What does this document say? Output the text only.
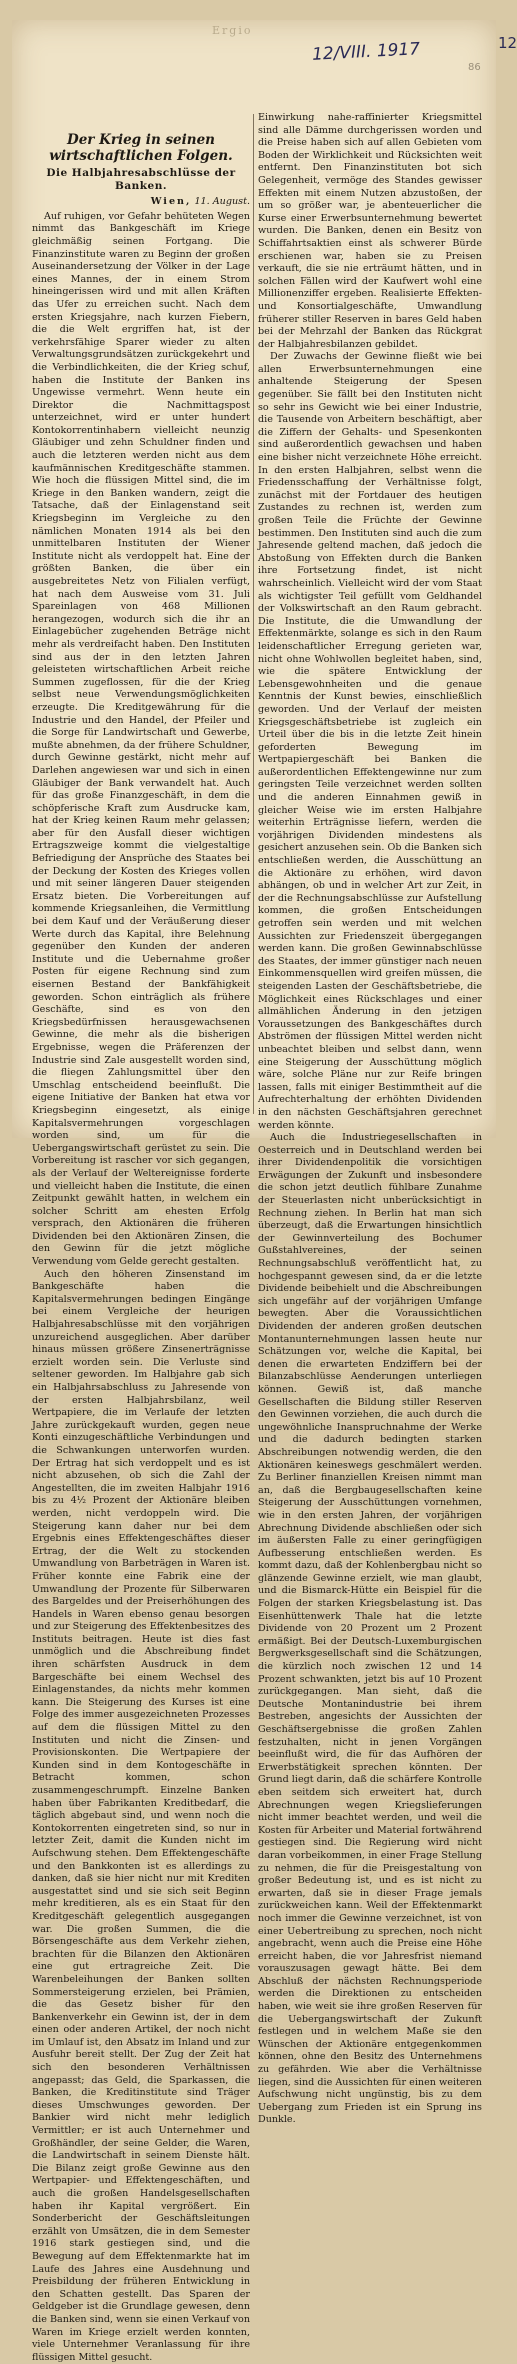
Ergio
12/VIII. 1917	12
86
Der Krieg in seinen wirtschaftlichen Folgen.
Die Halbjahresabschlüsse der Banken.
Wien, 11. August.

Auf ruhigen, vor Gefahr behüteten Wegen nimmt das Bankgeschäft im Kriege gleichmäßig seinen Fortgang. Die Finanzinstitute waren zu Beginn der großen Auseinandersetzung der Völker in der Lage eines Mannes, der in einem Strom hineingerissen wird und mit allen Kräften das Ufer zu erreichen sucht. Nach dem ersten Kriegsjahre, nach kurzen Fiebern, die die Welt ergriffen hat, ist der verkehrsfähige Sparer wieder zu alten Verwaltungsgrundsätzen zurückgekehrt und die Verbindlichkeiten, die der Krieg schuf, haben die Institute der Banken ins Ungewisse vermehrt. Wenn heute ein Direktor die Nachmittagspost unterzeichnet, wird er unter hundert Kontokorrentinhabern vielleicht neunzig Gläubiger und zehn Schuldner finden und auch die letzteren werden nicht aus dem kaufmännischen Kreditgeschäfte stammen. Wie hoch die flüssigen Mittel sind, die im Kriege in den Banken wandern, zeigt die Tatsache, daß der Einlagenstand seit Kriegsbeginn im Vergleiche zu den nämlichen Monaten 1914 als bei den unmittelbaren Instituten der Wiener Institute nicht als verdoppelt hat. Eine der größten Banken, die über ein ausgebreitetes Netz von Filialen verfügt, hat nach dem Ausweise vom 31. Juli Spareinlagen von 468 Millionen herangezogen, wodurch sich die ihr an Einlagebücher zugehenden Beträge nicht mehr als verdreifacht haben. Den Instituten sind aus der in den letzten Jahren geleisteten wirtschaftlichen Arbeit reiche Summen zugeflossen, für die der Krieg selbst neue Verwendungsmöglichkeiten erzeugte. Die Kreditgewährung für die Industrie und den Handel, der Pfeiler und die Sorge für Landwirtschaft und Gewerbe, mußte abnehmen, da der frühere Schuldner, durch Gewinne gestärkt, nicht mehr auf Darlehen angewiesen war und sich in einen Gläubiger der Bank verwandelt hat. Auch für das große Finanzgeschäft, in dem die schöpferische Kraft zum Ausdrucke kam, hat der Krieg keinen Raum mehr gelassen; aber für den Ausfall dieser wichtigen Ertragszweige kommt die vielgestaltige Befriedigung der Ansprüche des Staates bei der Deckung der Kosten des Krieges vollen und mit seiner längeren Dauer steigenden Ersatz bieten. Die Vorbereitungen auf kommende Kriegsanleihen, die Vermittlung bei dem Kauf und der Veräußerung dieser Werte durch das Kapital, ihre Belehnung gegenüber den Kunden der anderen Institute und die Uebernahme großer Posten für eigene Rechnung sind zum eisernen Bestand der Bankfähigkeit geworden. Schon einträglich als frühere Geschäfte, sind es von den Kriegsbedürfnissen herausgewachsenen Gewinne, die mehr als die bisherigen Ergebnisse, wegen die Präferenzen der Industrie sind Zale ausgestellt worden sind, die fliegen Zahlungsmittel über den Umschlag entscheidend beeinflußt. Die eigene Initiative der Banken hat etwa vor Kriegsbeginn eingesetzt, als einige Kapitalsvermehrungen vorgeschlagen worden sind, um für die Uebergangswirtschaft gerüstet zu sein. Die Vorbereitung ist rascher vor sich gegangen, als der Verlauf der Weltereignisse forderte und vielleicht haben die Institute, die einen Zeitpunkt gewählt hatten, in welchem ein solcher Schritt am ehesten Erfolg versprach, den Aktionären die früheren Dividenden bei den Aktionären Zinsen, die den Gewinn für die jetzt mögliche Verwendung vom Gelde gerecht gestalten.

Auch den höheren Zinsenstand im Bankgeschäfte haben die Kapitalsvermehrungen bedingen Eingänge bei einem Vergleiche der heurigen Halbjahresabschlüsse mit den vorjährigen unzureichend ausgeglichen. Aber darüber hinaus müssen größere Zinsenerträgnisse erzielt worden sein. Die Verluste sind seltener geworden. Im Halbjahre gab sich ein Halbjahrsabschluss zu Jahresende von der ersten Halbjahrsbilanz, weil Wertpapiere, die im Verlaufe der letzten Jahre zurückgekauft wurden, gegen neue Konti einzugeschäftliche Verbindungen und die Schwankungen unterworfen wurden. Der Ertrag hat sich verdoppelt und es ist nicht abzusehen, ob sich die Zahl der Angestellten, die im zweiten Halbjahr 1916 bis zu 4½ Prozent der Aktionäre bleiben werden, nicht verdoppeln wird. Die Steigerung kann daher nur bei dem Ergebnis eines Effektengeschäftes dieser Ertrag, der die Welt zu stockenden Umwandlung von Barbeträgen in Waren ist. Früher konnte eine Fabrik eine der Umwandlung der Prozente für Silberwaren des Bargeldes und der Preiserhöhungen des Handels in Waren ebenso genau besorgen und zur Steigerung des Effektenbesitzes des Instituts beitragen. Heute ist dies fast unmöglich und die Abschreibung findet ihren schärfsten Ausdruck in dem Bargeschäfte bei einem Wechsel des Einlagenstandes, da nichts mehr kommen kann. Die Steigerung des Kurses ist eine Folge des immer ausgezeichneten Prozesses auf dem die flüssigen Mittel zu den Instituten und nicht die Zinsen- und Provisionskonten. Die Wertpapiere der Kunden sind in dem Kontogeschäfte in Betracht kommen, schon zusammengeschrumpft. Einzelne Banken haben über Fabrikanten Kreditbedarf, die täglich abgebaut sind, und wenn noch die Kontokorrenten eingetreten sind, so nur in letzter Zeit, damit die Kunden nicht im Aufschwung stehen. Dem Effektengeschäfte und den Bankkonten ist es allerdings zu danken, daß sie hier nicht nur mit Krediten ausgestattet sind und sie sich seit Beginn mehr kreditieren, als es ein Staat für den Kreditgeschäft gelegentlich ausgegangen war. Die großen Summen, die die Börsengeschäfte aus dem Verkehr ziehen, brachten für die Bilanzen den Aktionären eine gut ertragreiche Zeit. Die Warenbeleihungen der Banken sollten Sommersteigerung erzielen, bei Prämien, die das Gesetz bisher für den Bankenverkehr ein Gewinn ist, der in dem einen oder anderen Artikel, der noch nicht im Umlauf ist, den Absatz im Inland und zur Ausfuhr bereit stellt. Der Zug der Zeit hat sich den besonderen Verhältnissen angepasst; das Geld, die Sparkassen, die Banken, die Kreditinstitute sind Träger dieses Umschwunges geworden. Der Bankier wird nicht mehr lediglich Vermittler; er ist auch Unternehmer und Großhändler, der seine Gelder, die Waren, die Landwirtschaft in seinem Dienste hält. Die Bilanz zeigt große Gewinne aus den Wertpapier- und Effektengeschäften, und auch die großen Handelsgesellschaften haben ihr Kapital vergrößert. Ein Sonderbericht der Geschäftsleitungen erzählt von Umsätzen, die in dem Semester 1916 stark gestiegen sind, und die Bewegung auf dem Effektenmarkte hat im Laufe des Jahres eine Ausdehnung und Preisbildung der früheren Entwicklung in den Schatten gestellt. Das Sparen der Geldgeber ist die Grundlage gewesen, denn die Banken sind, wenn sie einen Verkauf von Waren im Kriege erzielt werden konnten, viele Unternehmer Veranlassung für ihre flüssigen Mittel gesucht.

Einwirkung nahe-raffinierter Kriegsmittel sind alle Dämme durchgerissen worden und die Preise haben sich auf allen Gebieten vom Boden der Wirklichkeit und Rücksichten weit entfernt. Den Finanzinstituten bot sich Gelegenheit, vermöge des Standes gewisser Effekten mit einem Nutzen abzustoßen, der um so größer war, je abenteuerlicher die Kurse einer Erwerbsunternehmung bewertet wurden. Die Banken, denen ein Besitz von Schiffahrtsaktien einst als schwerer Bürde erschienen war, haben sie zu Preisen verkauft, die sie nie erträumt hätten, und in solchen Fällen wird der Kaufwert wohl eine Millionenziffer ergeben. Realisierte Effekten- und Konsortialgeschäfte, Umwandlung früherer stiller Reserven in bares Geld haben bei der Mehrzahl der Banken das Rückgrat der Halbjahresbilanzen gebildet.

Der Zuwachs der Gewinne fließt wie bei allen Erwerbsunternehmungen eine anhaltende Steigerung der Spesen gegenüber. Sie fällt bei den Instituten nicht so sehr ins Gewicht wie bei einer Industrie, die Tausende von Arbeitern beschäftigt, aber die Ziffern der Gehalts- und Spesenkonten sind außerordentlich gewachsen und haben eine bisher nicht verzeichnete Höhe erreicht. In den ersten Halbjahren, selbst wenn die Friedensschaffung der Verhältnisse folgt, zunächst mit der Fortdauer des heutigen Zustandes zu rechnen ist, werden zum großen Teile die Früchte der Gewinne bestimmen. Den Instituten sind auch die zum Jahresende geltend machen, daß jedoch die Abstoßung von Effekten durch die Banken ihre Fortsetzung findet, ist nicht wahrscheinlich. Vielleicht wird der vom Staat als wichtigster Teil gefüllt vom Geldhandel der Volkswirtschaft an den Raum gebracht. Die Institute, die die Umwandlung der Effektenmärkte, solange es sich in den Raum leidenschaftlicher Erregung gerieten war, nicht ohne Wohlwollen begleitet haben, sind, wie die spätere Entwicklung der Lebensgewohnheiten und die genaue Kenntnis der Kunst bewies, einschließlich geworden. Und der Verlauf der meisten Kriegsgeschäftsbetriebe ist zugleich ein Urteil über die bis in die letzte Zeit hinein geforderten Bewegung im Wertpapiergeschäft bei Banken die außerordentlichen Effektengewinne nur zum geringsten Teile verzeichnet werden sollten und die anderen Einnahmen gewiß in gleicher Weise wie im ersten Halbjahre weiterhin Erträgnisse liefern, werden die vorjährigen Dividenden mindestens als gesichert anzusehen sein. Ob die Banken sich entschließen werden, die Ausschüttung an die Aktionäre zu erhöhen, wird davon abhängen, ob und in welcher Art zur Zeit, in der die Rechnungsabschlüsse zur Aufstellung kommen, die großen Entscheidungen getroffen sein werden und mit welchen Aussichten zur Friedenszeit übergegangen werden kann. Die großen Gewinnabschlüsse des Staates, der immer günstiger nach neuen Einkommensquellen wird greifen müssen, die steigenden Lasten der Geschäftsbetriebe, die Möglichkeit eines Rückschlages und einer allmählichen Änderung in den jetzigen Voraussetzungen des Bankgeschäftes durch Abströmen der flüssigen Mittel werden nicht unbeachtet bleiben und selbst dann, wenn eine Steigerung der Ausschüttung möglich wäre, solche Pläne nur zur Reife bringen lassen, falls mit einiger Bestimmtheit auf die Aufrechterhaltung der erhöhten Dividenden in den nächsten Geschäftsjahren gerechnet werden könnte.

Auch die Industriegesellschaften in Oesterreich und in Deutschland werden bei ihrer Dividendenpolitik die vorsichtigen Erwägungen der Zukunft und insbesondere die schon jetzt deutlich fühlbare Zunahme der Steuerlasten nicht unberücksichtigt in Rechnung ziehen. In Berlin hat man sich überzeugt, daß die Erwartungen hinsichtlich der Gewinnverteilung des Bochumer Gußstahlvereines, der seinen Rechnungsabschluß veröffentlicht hat, zu hochgespannt gewesen sind, da er die letzte Dividende beibehielt und die Abschreibungen sich ungefähr auf der vorjährigen Umfange bewegten. Aber die Voraussichtlichen Dividenden der anderen großen deutschen Montanunternehmungen lassen heute nur Schätzungen vor, welche die Kapital, bei denen die erwarteten Endziffern bei der Bilanzabschlüsse Aenderungen unterliegen können. Gewiß ist, daß manche Gesellschaften die Bildung stiller Reserven den Gewinnen vorziehen, die auch durch die ungewöhnliche Inanspruchnahme der Werke und die dadurch bedingten starken Abschreibungen notwendig werden, die den Aktionären keineswegs geschmälert werden. Zu Berliner finanziellen Kreisen nimmt man an, daß die Bergbaugesellschaften keine Steigerung der Ausschüttungen vornehmen, wie in den ersten Jahren, der vorjährigen Abrechnung Dividende abschließen oder sich im äußersten Falle zu einer geringfügigen Aufbesserung entschließen werden. Es kommt dazu, daß der Kohlenbergbau nicht so glänzende Gewinne erzielt, wie man glaubt, und die Bismarck-Hütte ein Beispiel für die Folgen der starken Kriegsbelastung ist. Das Eisenhüttenwerk Thale hat die letzte Dividende von 20 Prozent um 2 Prozent ermäßigt. Bei der Deutsch-Luxemburgischen Bergwerksgesellschaft sind die Schätzungen, die kürzlich noch zwischen 12 und 14 Prozent schwankten, jetzt bis auf 10 Prozent zurückgegangen. Man sieht, daß die Deutsche Montanindustrie bei ihrem Bestreben, angesichts der Aussichten der Geschäftsergebnisse die großen Zahlen festzuhalten, nicht in jenen Vorgängen beeinflußt wird, die für das Aufhören der Erwerbstätigkeit sprechen könnten. Der Grund liegt darin, daß die schärfere Kontrolle eben seitdem sich erweitert hat, durch Abrechnungen wegen Kriegslieferungen nicht immer beachtet werden, und weil die Kosten für Arbeiter und Material fortwährend gestiegen sind. Die Regierung wird nicht daran vorbeikommen, in einer Frage Stellung zu nehmen, die für die Preisgestaltung von großer Bedeutung ist, und es ist nicht zu erwarten, daß sie in dieser Frage jemals zurückweichen kann. Weil der Effektenmarkt noch immer die Gewinne verzeichnet, ist von einer Uebertreibung zu sprechen, noch nicht angebracht, wenn auch die Preise eine Höhe erreicht haben, die vor Jahresfrist niemand vorauszusagen gewagt hätte. Bei dem Abschluß der nächsten Rechnungsperiode werden die Direktionen zu entscheiden haben, wie weit sie ihre großen Reserven für die Uebergangswirtschaft der Zukunft festlegen und in welchem Maße sie den Wünschen der Aktionäre entgegenkommen können, ohne den Besitz des Unternehmens zu gefährden. Wie aber die Verhältnisse liegen, sind die Aussichten für einen weiteren Aufschwung nicht ungünstig, bis zu dem Uebergang zum Frieden ist ein Sprung ins Dunkle.
